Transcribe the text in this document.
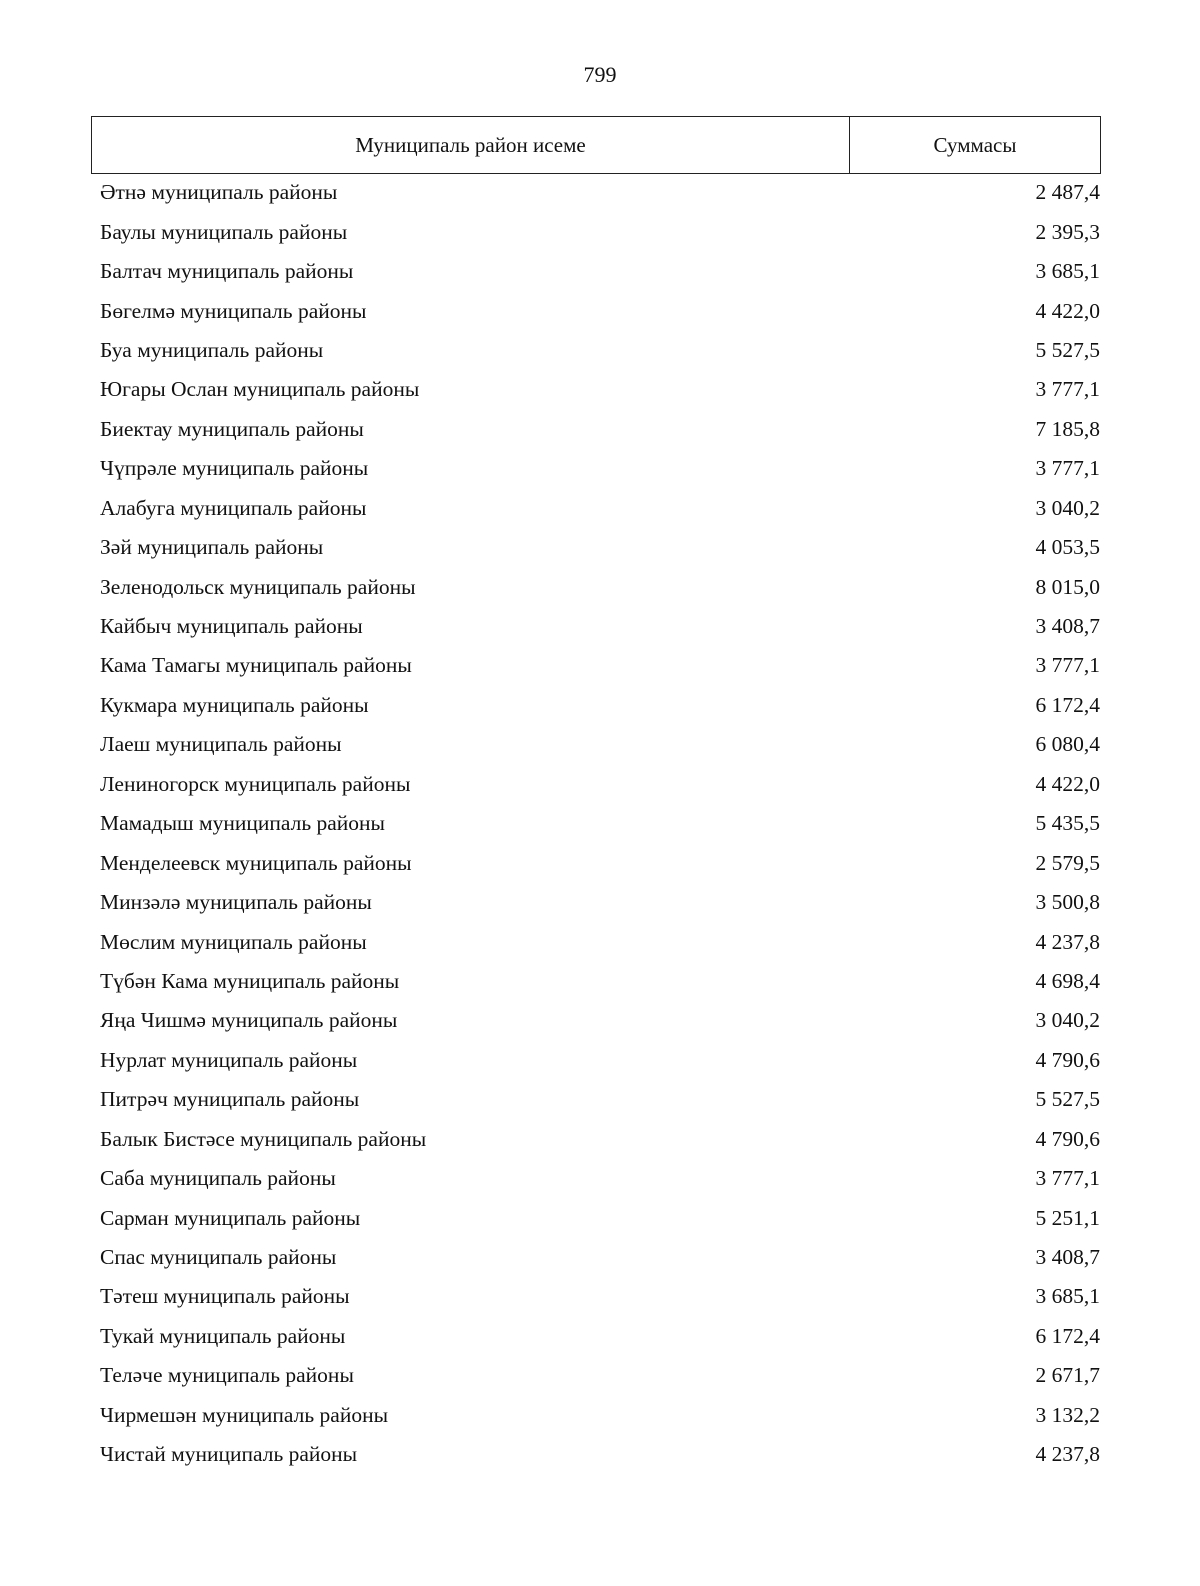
799
Муниципаль район исеме	Суммасы
Әтнә муниципаль районы	2 487,4
Баулы муниципаль районы	2 395,3
Балтач муниципаль районы	3 685,1
Бөгелмә муниципаль районы	4 422,0
Буа муниципаль районы	5 527,5
Югары Ослан муниципаль районы	3 777,1
Биектау муниципаль районы	7 185,8
Чүпрәле муниципаль районы	3 777,1
Алабуга муниципаль районы	3 040,2
Зәй муниципаль районы	4 053,5
Зеленодольск муниципаль районы	8 015,0
Кайбыч муниципаль районы	3 408,7
Кама Тамагы муниципаль районы	3 777,1
Кукмара муниципаль районы	6 172,4
Лаеш муниципаль районы	6 080,4
Лениногорск муниципаль районы	4 422,0
Мамадыш муниципаль районы	5 435,5
Менделеевск муниципаль районы	2 579,5
Минзәлә муниципаль районы	3 500,8
Мөслим муниципаль районы	4 237,8
Түбән Кама муниципаль районы	4 698,4
Яңа Чишмә муниципаль районы	3 040,2
Нурлат муниципаль районы	4 790,6
Питрәч муниципаль районы	5 527,5
Балык Бистәсе муниципаль районы	4 790,6
Саба муниципаль районы	3 777,1
Сарман муниципаль районы	5 251,1
Спас муниципаль районы	3 408,7
Тәтеш муниципаль районы	3 685,1
Тукай муниципаль районы	6 172,4
Теләче муниципаль районы	2 671,7
Чирмешән муниципаль районы	3 132,2
Чистай муниципаль районы	4 237,8
